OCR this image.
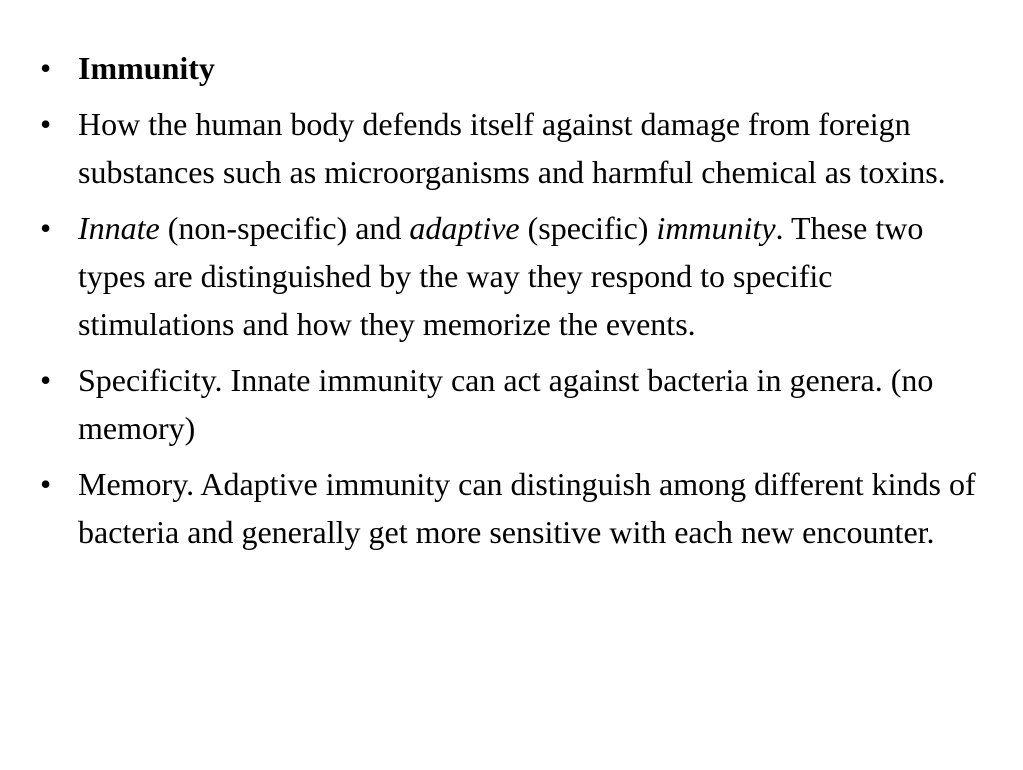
• Immunity
• How the human body defends itself against damage from foreign substances such as microorganisms and harmful chemical as toxins.
• Innate (non-specific) and adaptive (specific) immunity. These two types are distinguished by the way they respond to specific stimulations and how they memorize the events.
• Specificity. Innate immunity can act against bacteria in genera. (no memory)
• Memory. Adaptive immunity can distinguish among different kinds of bacteria and generally get more sensitive with each new encounter.
